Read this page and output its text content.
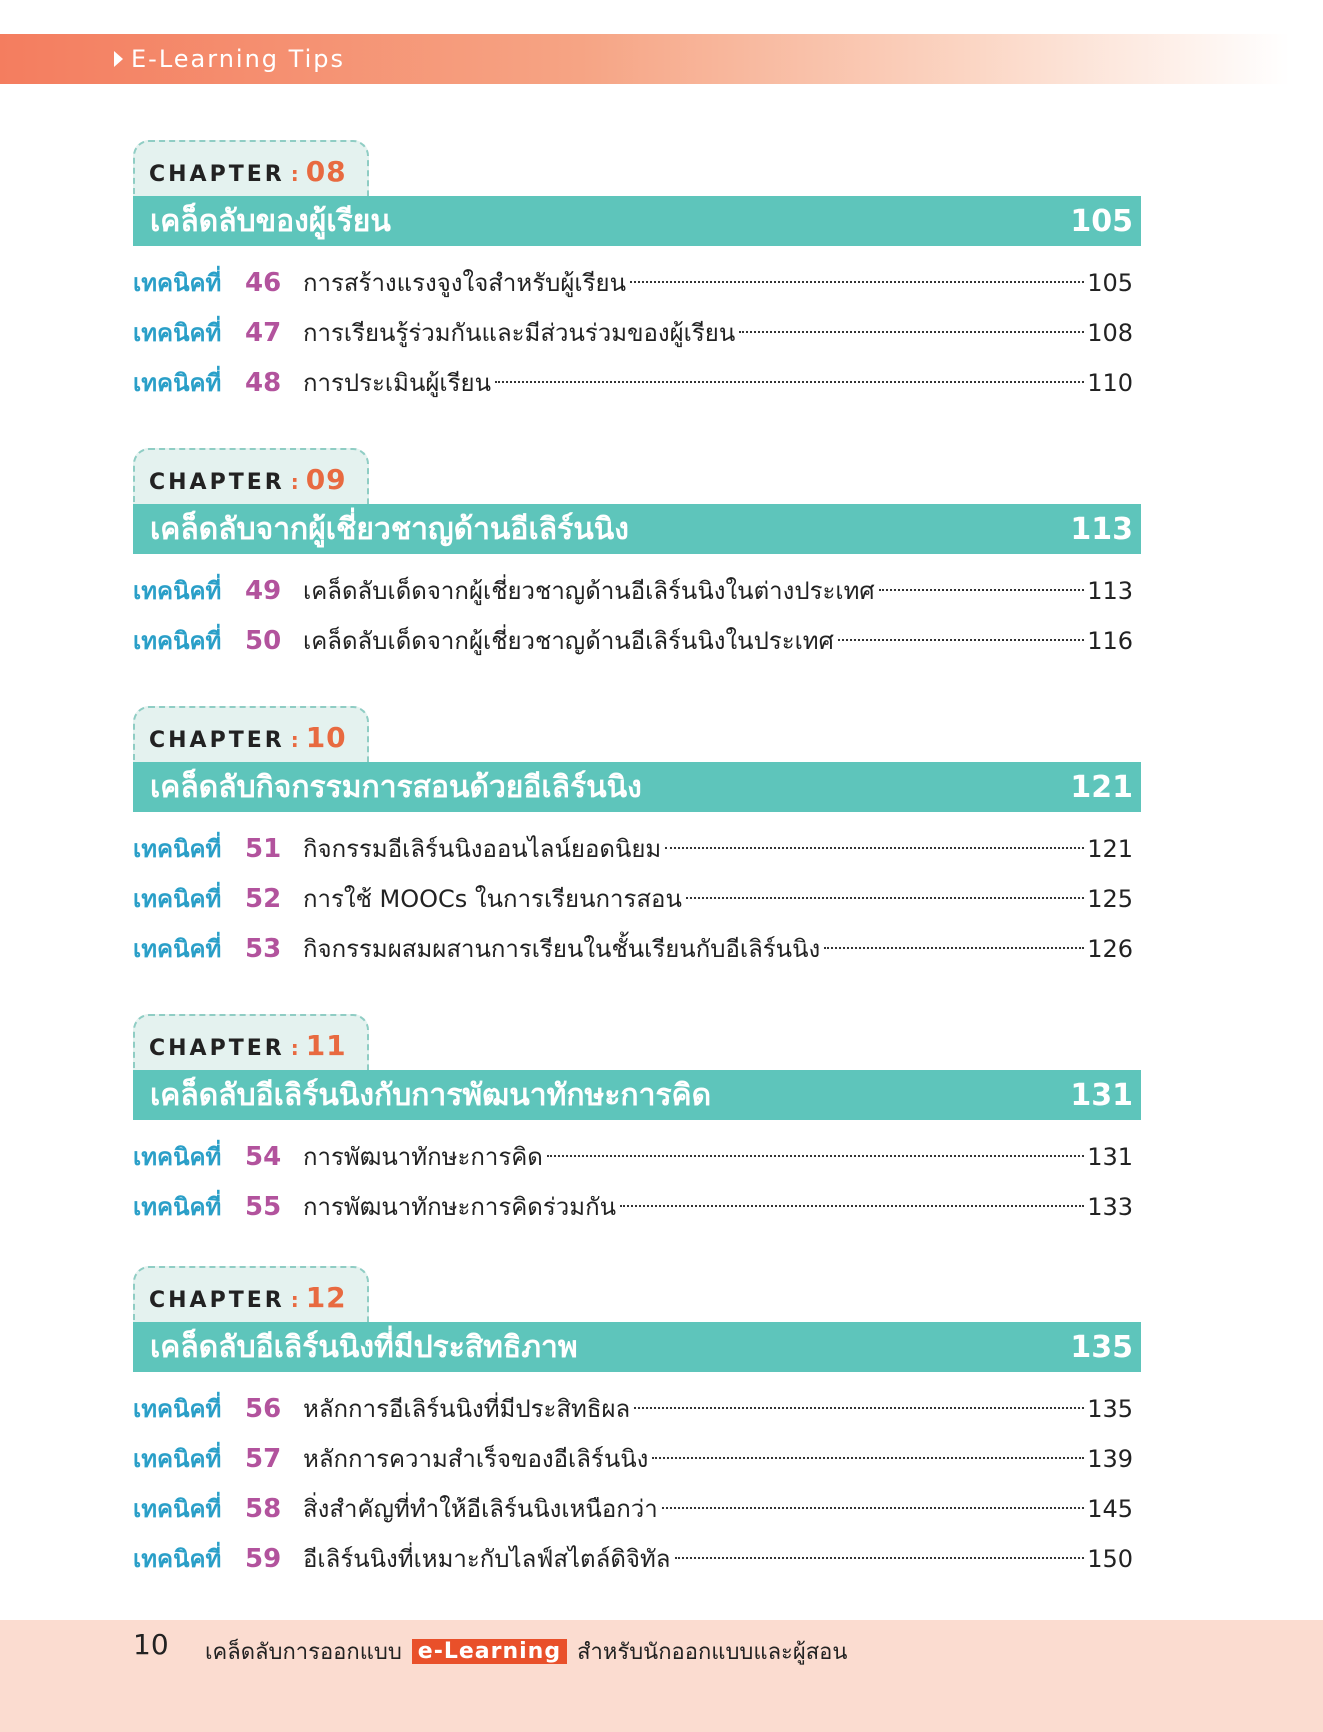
E-Learning Tips
CHAPTER : 08
เคล็ดลับของผู้เรียน	105
เทคนิคที่ 46 การสร้างแรงจูงใจสำหรับผู้เรียน	105
เทคนิคที่ 47 การเรียนรู้ร่วมกันและมีส่วนร่วมของผู้เรียน	108
เทคนิคที่ 48 การประเมินผู้เรียน	110
CHAPTER : 09
เคล็ดลับจากผู้เชี่ยวชาญด้านอีเลิร์นนิง	113
เทคนิคที่ 49 เคล็ดลับเด็ดจากผู้เชี่ยวชาญด้านอีเลิร์นนิงในต่างประเทศ	113
เทคนิคที่ 50 เคล็ดลับเด็ดจากผู้เชี่ยวชาญด้านอีเลิร์นนิงในประเทศ	116
CHAPTER : 10
เคล็ดลับกิจกรรมการสอนด้วยอีเลิร์นนิง	121
เทคนิคที่ 51 กิจกรรมอีเลิร์นนิงออนไลน์ยอดนิยม	121
เทคนิคที่ 52 การใช้ MOOCs ในการเรียนการสอน	125
เทคนิคที่ 53 กิจกรรมผสมผสานการเรียนในชั้นเรียนกับอีเลิร์นนิง	126
CHAPTER : 11
เคล็ดลับอีเลิร์นนิงกับการพัฒนาทักษะการคิด	131
เทคนิคที่ 54 การพัฒนาทักษะการคิด	131
เทคนิคที่ 55 การพัฒนาทักษะการคิดร่วมกัน	133
CHAPTER : 12
เคล็ดลับอีเลิร์นนิงที่มีประสิทธิภาพ	135
เทคนิคที่ 56 หลักการอีเลิร์นนิงที่มีประสิทธิผล	135
เทคนิคที่ 57 หลักการความสำเร็จของอีเลิร์นนิง	139
เทคนิคที่ 58 สิ่งสำคัญที่ทำให้อีเลิร์นนิงเหนือกว่า	145
เทคนิคที่ 59 อีเลิร์นนิงที่เหมาะกับไลฟ์สไตล์ดิจิทัล	150
10 เคล็ดลับการออกแบบ e-Learning สำหรับนักออกแบบและผู้สอน
